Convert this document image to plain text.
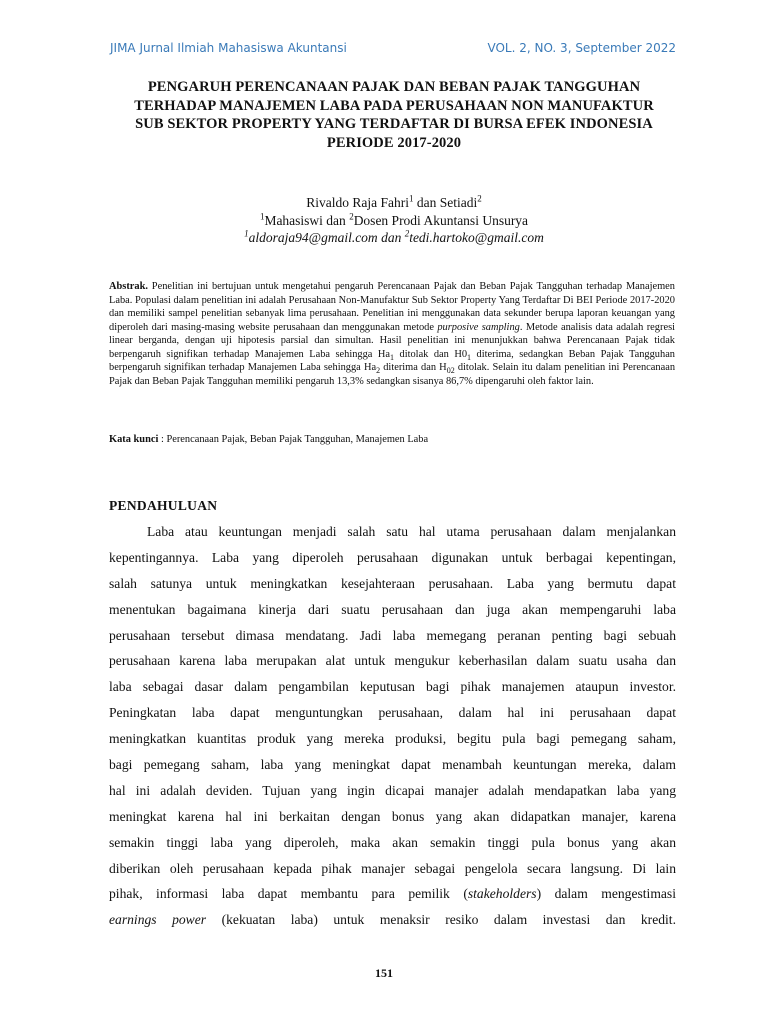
JIMA Jurnal Ilmiah Mahasiswa Akuntansi	VOL. 2, NO. 3, September 2022
PENGARUH PERENCANAAN PAJAK DAN BEBAN PAJAK TANGGUHAN
TERHADAP MANAJEMEN LABA PADA PERUSAHAAN NON MANUFAKTUR
SUB SEKTOR PROPERTY YANG TERDAFTAR DI BURSA EFEK INDONESIA
PERIODE 2017-2020
Rivaldo Raja Fahri$^1$ dan Setiadi$^2$
$^1$Mahasiswi dan $^2$Dosen Prodi Akuntansi Unsurya
$^1$aldoraja94@gmail.com dan $^2$tedi.hartoko@gmail.com
Abstrak. Penelitian ini bertujuan untuk mengetahui pengaruh Perencanaan Pajak dan Beban Pajak Tangguhan terhadap Manajemen Laba. Populasi dalam penelitian ini adalah Perusahaan Non-Manufaktur Sub Sektor Property Yang Terdaftar Di BEI Periode 2017-2020 dan memiliki sampel penelitian sebanyak lima perusahaan. Penelitian ini menggunakan data sekunder berupa laporan keuangan yang diperoleh dari masing-masing website perusahaan dan menggunakan metode purposive sampling. Metode analisis data adalah regresi linear berganda, dengan uji hipotesis parsial dan simultan. Hasil penelitian ini menunjukkan bahwa Perencanaan Pajak tidak berpengaruh signifikan terhadap Manajemen Laba sehingga $Ha_1$ ditolak dan $H0_1$ diterima, sedangkan Beban Pajak Tangguhan berpengaruh signifikan terhadap Manajemen Laba sehingga $Ha_2$ diterima dan $H_{02}$ ditolak. Selain itu dalam penelitian ini Perencanaan Pajak dan Beban Pajak Tangguhan memiliki pengaruh 13,3% sedangkan sisanya 86,7% dipengaruhi oleh faktor lain.
Kata kunci : Perencanaan Pajak, Beban Pajak Tangguhan, Manajemen Laba
PENDAHULUAN
Laba atau keuntungan menjadi salah satu hal utama perusahaan dalam menjalankan
kepentingannya. Laba yang diperoleh perusahaan digunakan untuk berbagai kepentingan,
salah satunya untuk meningkatkan kesejahteraan perusahaan. Laba yang bermutu dapat
menentukan bagaimana kinerja dari suatu perusahaan dan juga akan mempengaruhi laba
perusahaan tersebut dimasa mendatang. Jadi laba memegang peranan penting bagi sebuah
perusahaan karena laba merupakan alat untuk mengukur keberhasilan dalam suatu usaha dan
laba sebagai dasar dalam pengambilan keputusan bagi pihak manajemen ataupun investor.
Peningkatan laba dapat menguntungkan perusahaan, dalam hal ini perusahaan dapat
meningkatkan kuantitas produk yang mereka produksi, begitu pula bagi pemegang saham,
bagi pemegang saham, laba yang meningkat dapat menambah keuntungan mereka, dalam
hal ini adalah deviden. Tujuan yang ingin dicapai manajer adalah mendapatkan laba yang
meningkat karena hal ini berkaitan dengan bonus yang akan didapatkan manajer, karena
semakin tinggi laba yang diperoleh, maka akan semakin tinggi pula bonus yang akan
diberikan oleh perusahaan kepada pihak manajer sebagai pengelola secara langsung. Di lain
pihak, informasi laba dapat membantu para pemilik (stakeholders) dalam mengestimasi
earnings power (kekuatan laba) untuk menaksir resiko dalam investasi dan kredit.
151
